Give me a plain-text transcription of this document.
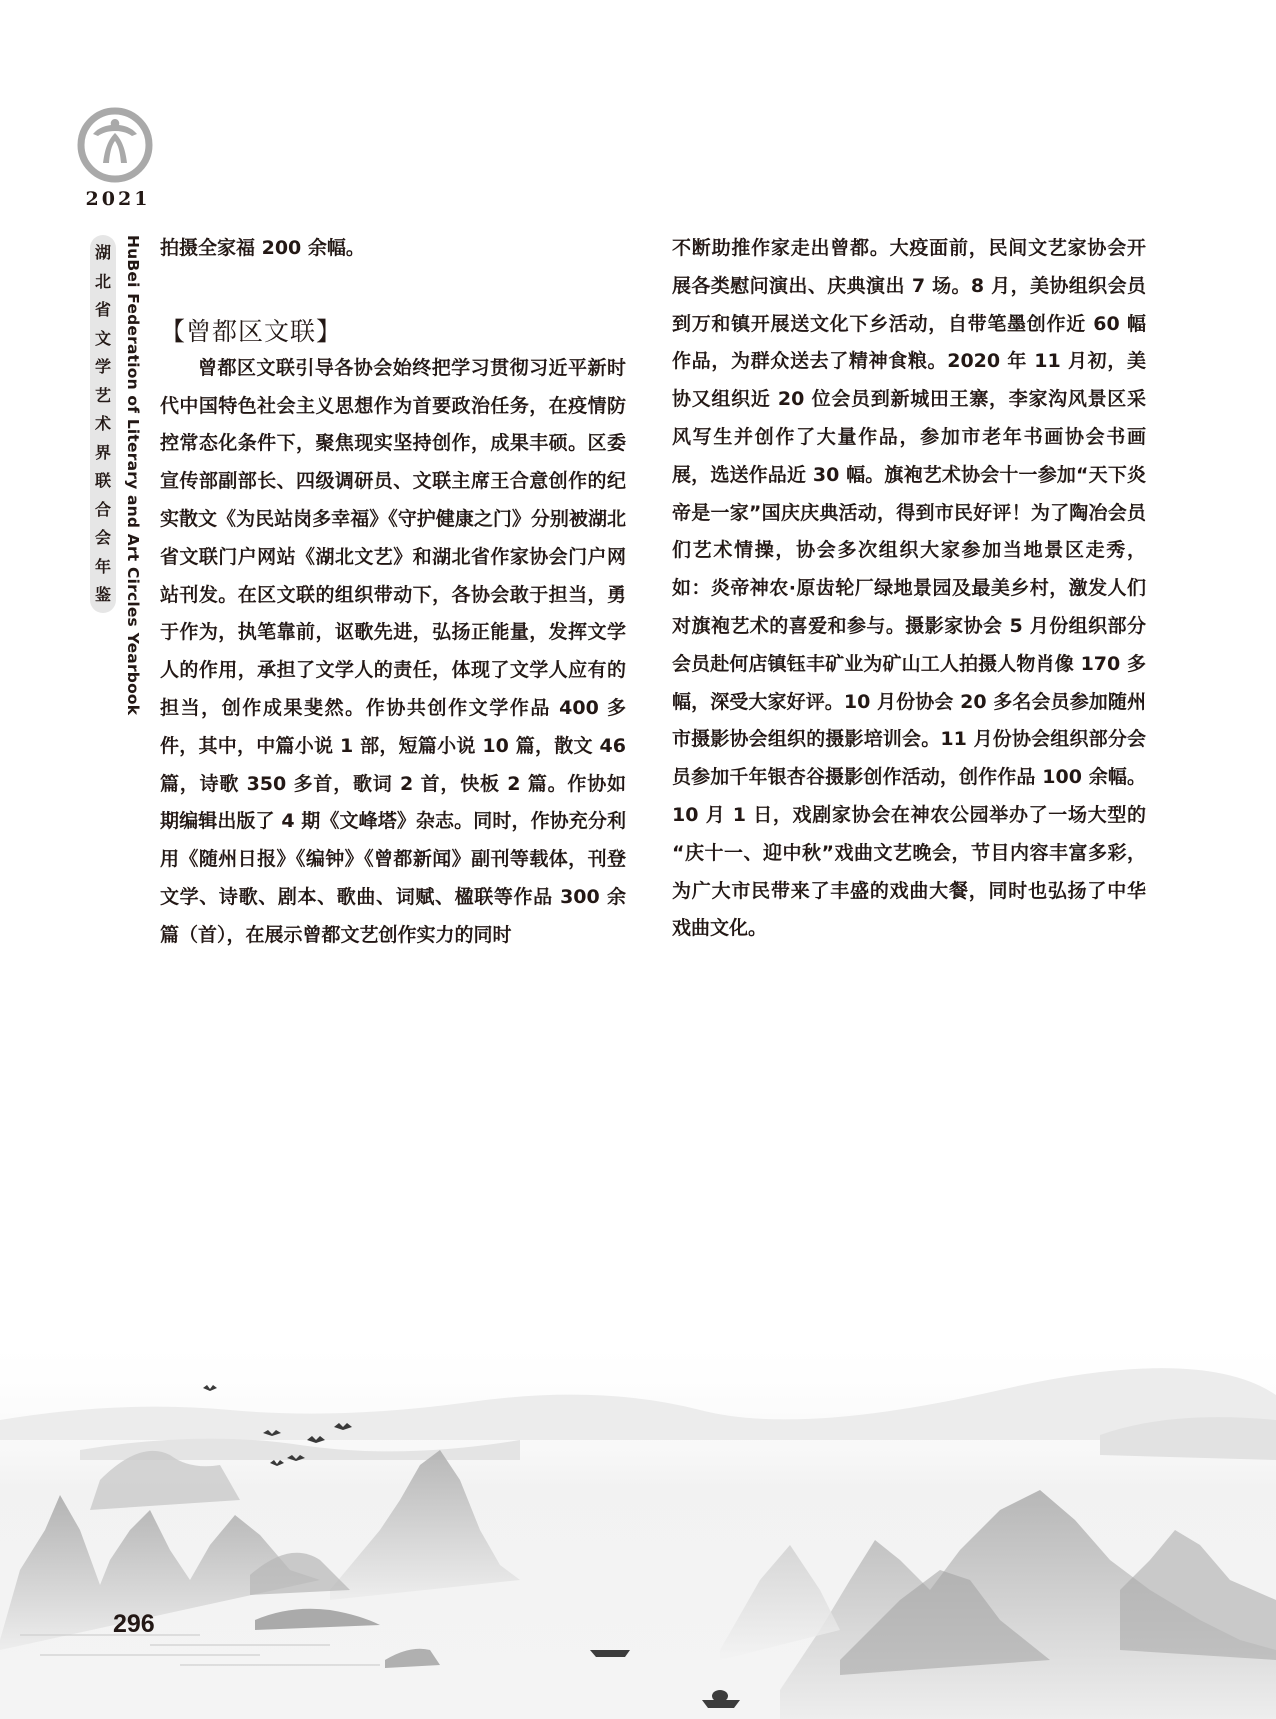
2021
湖
北
省
文
学
艺
术
界
联
合
会
年
鉴 HuBei Federation of Literary and Art Circles Yearbook 拍摄全家福 200 余幅。

【曾都区文联】

曾都区文联引导各协会始终把学习贯彻习近平新时代中国特色社会主义思想作为首要政治任务，在疫情防控常态化条件下，聚焦现实坚持创作，成果丰硕。区委宣传部副部长、四级调研员、文联主席王合意创作的纪实散文《为民站岗多幸福》《守护健康之门》分别被湖北省文联门户网站《湖北文艺》和湖北省作家协会门户网站刊发。在区文联的组织带动下，各协会敢于担当，勇于作为，执笔靠前，讴歌先进，弘扬正能量，发挥文学人的作用，承担了文学人的责任，体现了文学人应有的担当，创作成果斐然。作协共创作文学作品 400 多件，其中，中篇小说 1 部，短篇小说 10 篇，散文 46 篇，诗歌 350 多首，歌词 2 首，快板 2 篇。作协如期编辑出版了 4 期《文峰塔》杂志。同时，作协充分利用《随州日报》《编钟》《曾都新闻》副刊等载体，刊登文学、诗歌、剧本、歌曲、词赋、楹联等作品 300 余篇（首），在展示曾都文艺创作实力的同时

不断助推作家走出曾都。大疫面前，民间文艺家协会开展各类慰问演出、庆典演出 7 场。8 月，美协组织会员到万和镇开展送文化下乡活动，自带笔墨创作近 60 幅作品，为群众送去了精神食粮。2020 年 11 月初，美协又组织近 20 位会员到新城田王寨，李家沟风景区采风写生并创作了大量作品，参加市老年书画协会书画展，选送作品近 30 幅。旗袍艺术协会十一参加“天下炎帝是一家”国庆庆典活动，得到市民好评！为了陶冶会员们艺术情操，协会多次组织大家参加当地景区走秀，如：炎帝神农·原齿轮厂绿地景园及最美乡村，激发人们对旗袍艺术的喜爱和参与。摄影家协会 5 月份组织部分会员赴何店镇钰丰矿业为矿山工人拍摄人物肖像 170 多幅，深受大家好评。10 月份协会 20 多名会员参加随州市摄影协会组织的摄影培训会。11 月份协会组织部分会员参加千年银杏谷摄影创作活动，创作作品 100 余幅。10 月 1 日，戏剧家协会在神农公园举办了一场大型的 “庆十一、迎中秋”戏曲文艺晚会，节目内容丰富多彩，为广大市民带来了丰盛的戏曲大餐，同时也弘扬了中华戏曲文化。

296
